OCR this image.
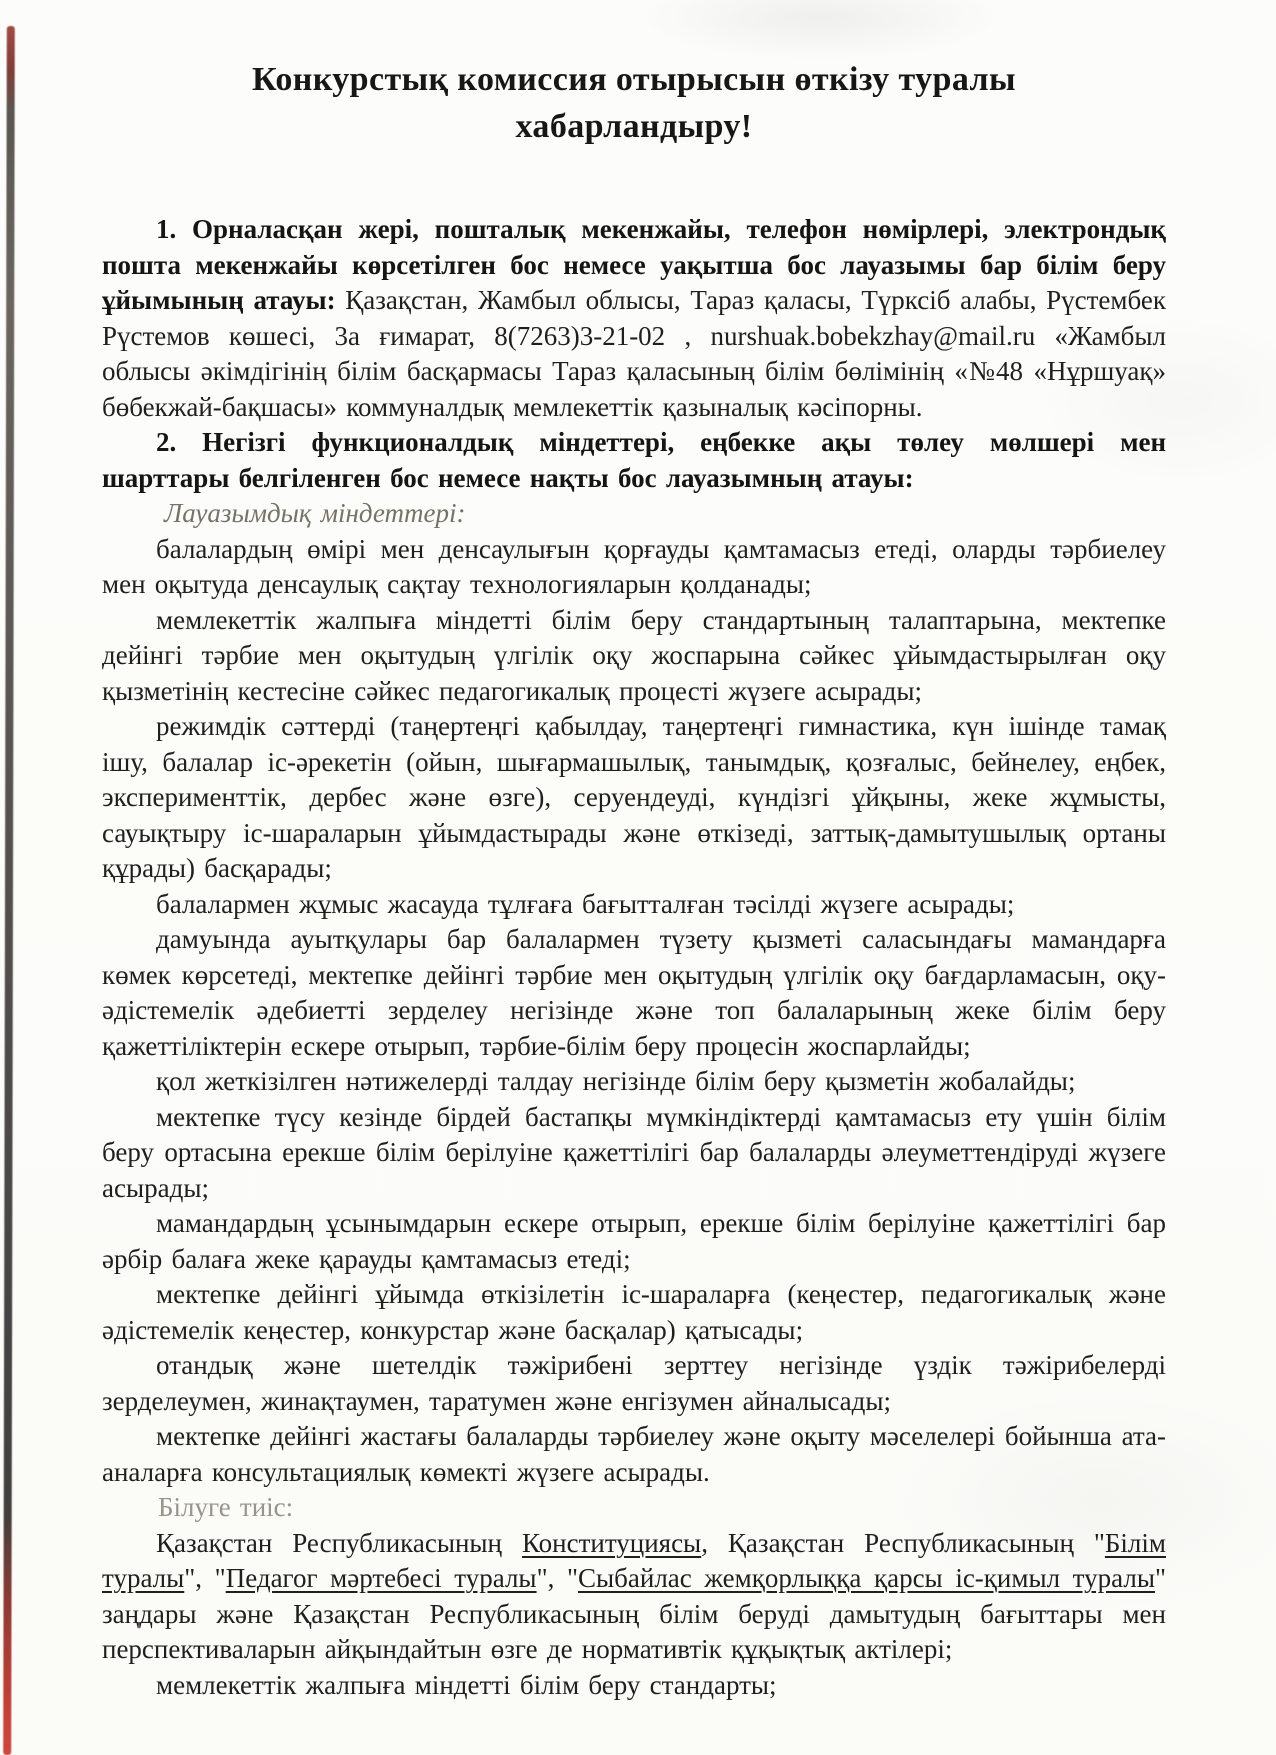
Конкурстық комиссия отырысын өткізу туралы
хабарландыру!

1. Орналасқан жері, пошталық мекенжайы, телефон нөмірлері, электрондық пошта мекенжайы көрсетілген бос немесе уақытша бос лауазымы бар білім беру ұйымының атауы: Қазақстан, Жамбыл облысы, Тараз қаласы, Түрксіб алабы, Рүстембек Рүстемов көшесі, 3а ғимарат, 8(7263)3-21-02 , nurshuak.bobekzhay@mail.ru «Жамбыл облысы әкімдігінің білім басқармасы Тараз қаласының білім бөлімінің «№48 «Нұршуақ» бөбекжай-бақшасы» коммуналдық мемлекеттік қазыналық кәсіпорны.

2. Негізгі функционалдық міндеттері, еңбекке ақы төлеу мөлшері мен шарттары белгіленген бос немесе нақты бос лауазымның атауы:

Лауазымдық міндеттері:

балалардың өмірі мен денсаулығын қорғауды қамтамасыз етеді, оларды тәрбиелеу мен оқытуда денсаулық сақтау технологияларын қолданады;

мемлекеттік жалпыға міндетті білім беру стандартының талаптарына, мектепке дейінгі тәрбие мен оқытудың үлгілік оқу жоспарына сәйкес ұйымдастырылған оқу қызметінің кестесіне сәйкес педагогикалық процесті жүзеге асырады;

режимдік сәттерді (таңертеңгі қабылдау, таңертеңгі гимнастика, күн ішінде тамақ ішу, балалар іс-әрекетін (ойын, шығармашылық, танымдық, қозғалыс, бейнелеу, еңбек, эксперименттік, дербес және өзге), серуендеуді, күндізгі ұйқыны, жеке жұмысты, сауықтыру іс-шараларын ұйымдастырады және өткізеді, заттық-дамытушылық ортаны құрады) басқарады;

балалармен жұмыс жасауда тұлғаға бағытталған тәсілді жүзеге асырады;

дамуында ауытқулары бар балалармен түзету қызметі саласындағы мамандарға көмек көрсетеді, мектепке дейінгі тәрбие мен оқытудың үлгілік оқу бағдарламасын, оқу-әдістемелік әдебиетті зерделеу негізінде және топ балаларының жеке білім беру қажеттіліктерін ескере отырып, тәрбие-білім беру процесін жоспарлайды;

қол жеткізілген нәтижелерді талдау негізінде білім беру қызметін жобалайды;

мектепке түсу кезінде бірдей бастапқы мүмкіндіктерді қамтамасыз ету үшін білім беру ортасына ерекше білім берілуіне қажеттілігі бар балаларды әлеуметтендіруді жүзеге асырады;

мамандардың ұсынымдарын ескере отырып, ерекше білім берілуіне қажеттілігі бар әрбір балаға жеке қарауды қамтамасыз етеді;

мектепке дейінгі ұйымда өткізілетін іс-шараларға (кеңестер, педагогикалық және әдістемелік кеңестер, конкурстар және басқалар) қатысады;

отандық және шетелдік тәжірибені зерттеу негізінде үздік тәжірибелерді зерделеумен, жинақтаумен, таратумен және енгізумен айналысады;

мектепке дейінгі жастағы балаларды тәрбиелеу және оқыту мәселелері бойынша ата-аналарға консультациялық көмекті жүзеге асырады.

Білуге тиіс:

Қазақстан Республикасының Конституциясы, Қазақстан Республикасының "Білім туралы", "Педагог мәртебесі туралы", "Сыбайлас жемқорлыққа қарсы іс-қимыл туралы" заңдары және Қазақстан Республикасының білім беруді дамытудың бағыттары мен перспективаларын айқындайтын өзге де нормативтік құқықтық актілері;

мемлекеттік жалпыға міндетті білім беру стандарты;
